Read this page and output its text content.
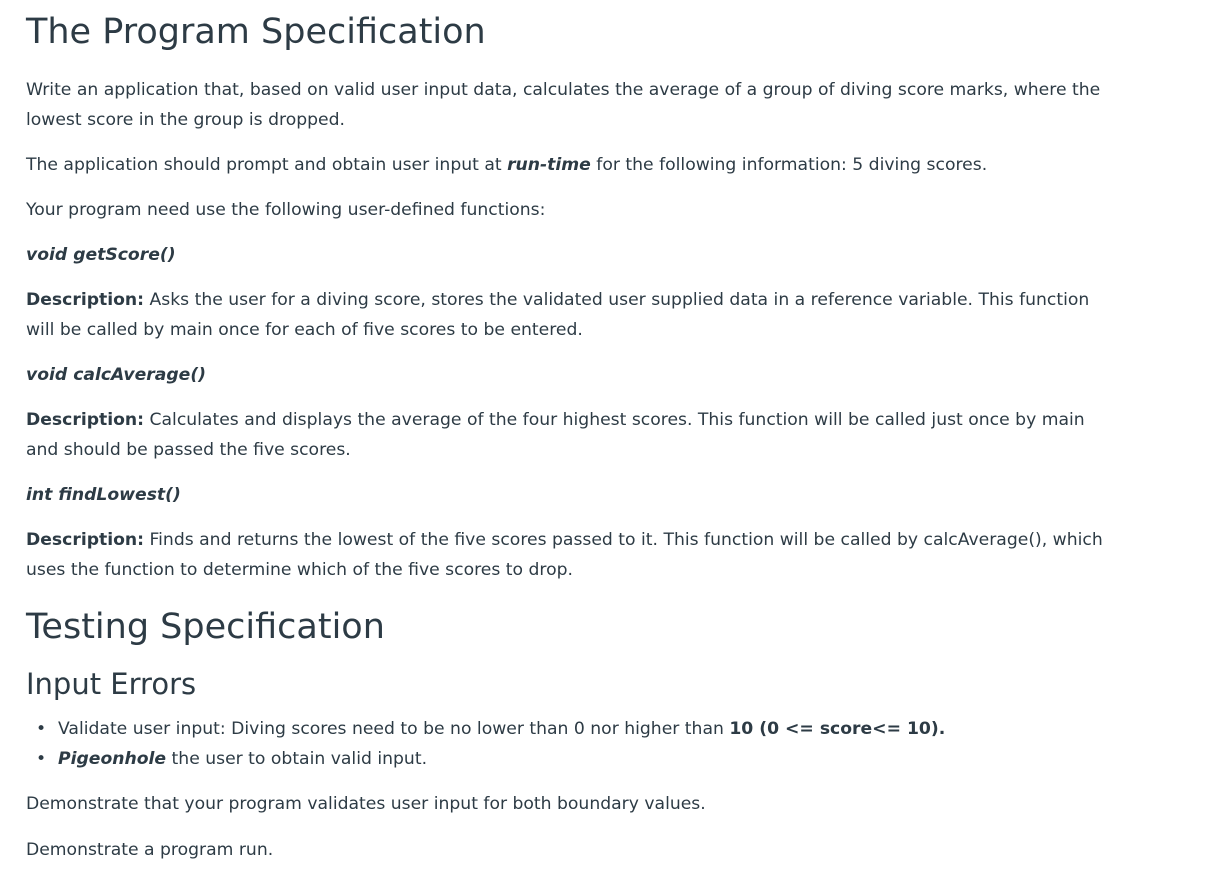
The Program Specification

Write an application that, based on valid user input data, calculates the average of a group of diving score marks, where the lowest score in the group is dropped.

The application should prompt and obtain user input at run-time for the following information: 5 diving scores.

Your program need use the following user-defined functions:

void getScore()

Description: Asks the user for a diving score, stores the validated user supplied data in a reference variable. This function will be called by main once for each of five scores to be entered.

void calcAverage()

Description: Calculates and displays the average of the four highest scores. This function will be called just once by main and should be passed the five scores.

int findLowest()

Description: Finds and returns the lowest of the five scores passed to it. This function will be called by calcAverage(), which uses the function to determine which of the five scores to drop.

Testing Specification
Input Errors
• Validate user input: Diving scores need to be no lower than 0 nor higher than 10 (0 <= score<= 10).
• Pigeonhole the user to obtain valid input.

Demonstrate that your program validates user input for both boundary values.

Demonstrate a program run.
